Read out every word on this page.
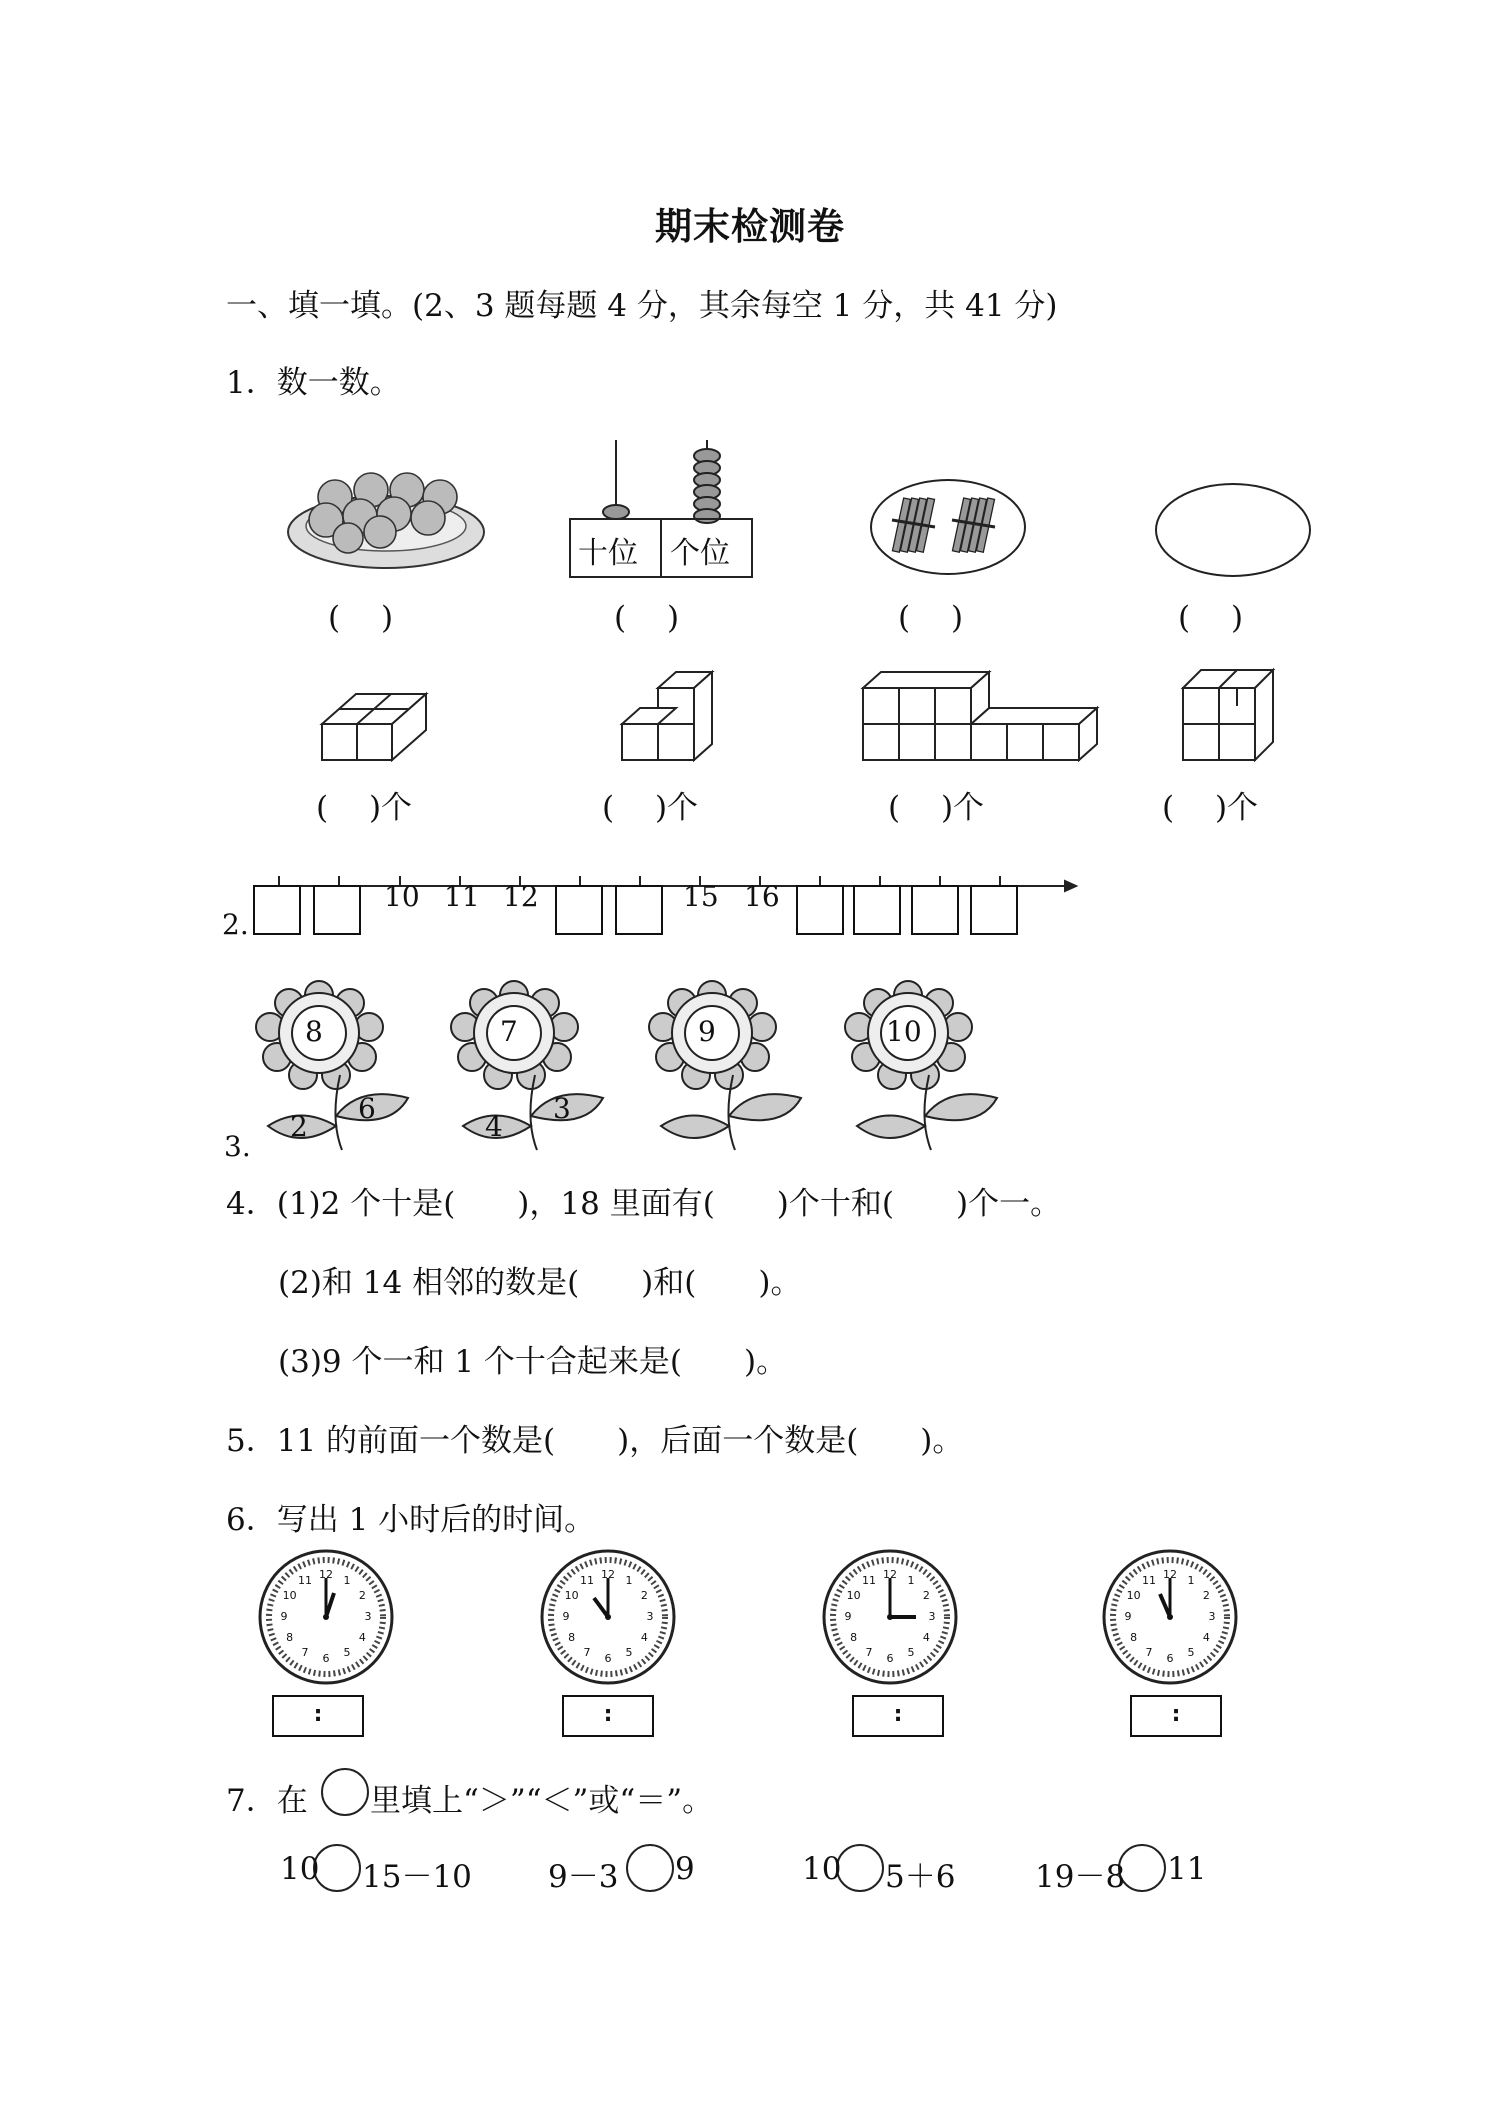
期末检测卷
一、填一填。(2、3 题每题 4 分，其余每空 1 分，共 41 分)
1．数一数。
十位 个位
(　 )	(　 )	(　 )	(　 )
(　 )个	(　 )个	(　 )个	(　 )个
2.
10 11 12	15 16
8
6
2
7
3
4
9	10
3.
4．(1)2 个十是(　　)，18 里面有(　　)个十和(　　)个一。
(2)和 14 相邻的数是(　　)和(　　)。
(3)9 个一和 1 个十合起来是(　　)。
5．11 的前面一个数是(　　)，后面一个数是(　　)。
6．写出 1 小时后的时间。
:	:	:	:
7．在 里填上“＞”“＜”或“＝”。
10 15－10 9－3 9	10 5＋6	19－8 11
12 1
2
3
4
5
6
7
8
9
10
11	12 1
2
3
4
5
6
7
8
9
10
11	12 1
2
3
4
5
6
7
8
9
10
11	12 1
2
3
4
5
6
7
8
9
10
11
